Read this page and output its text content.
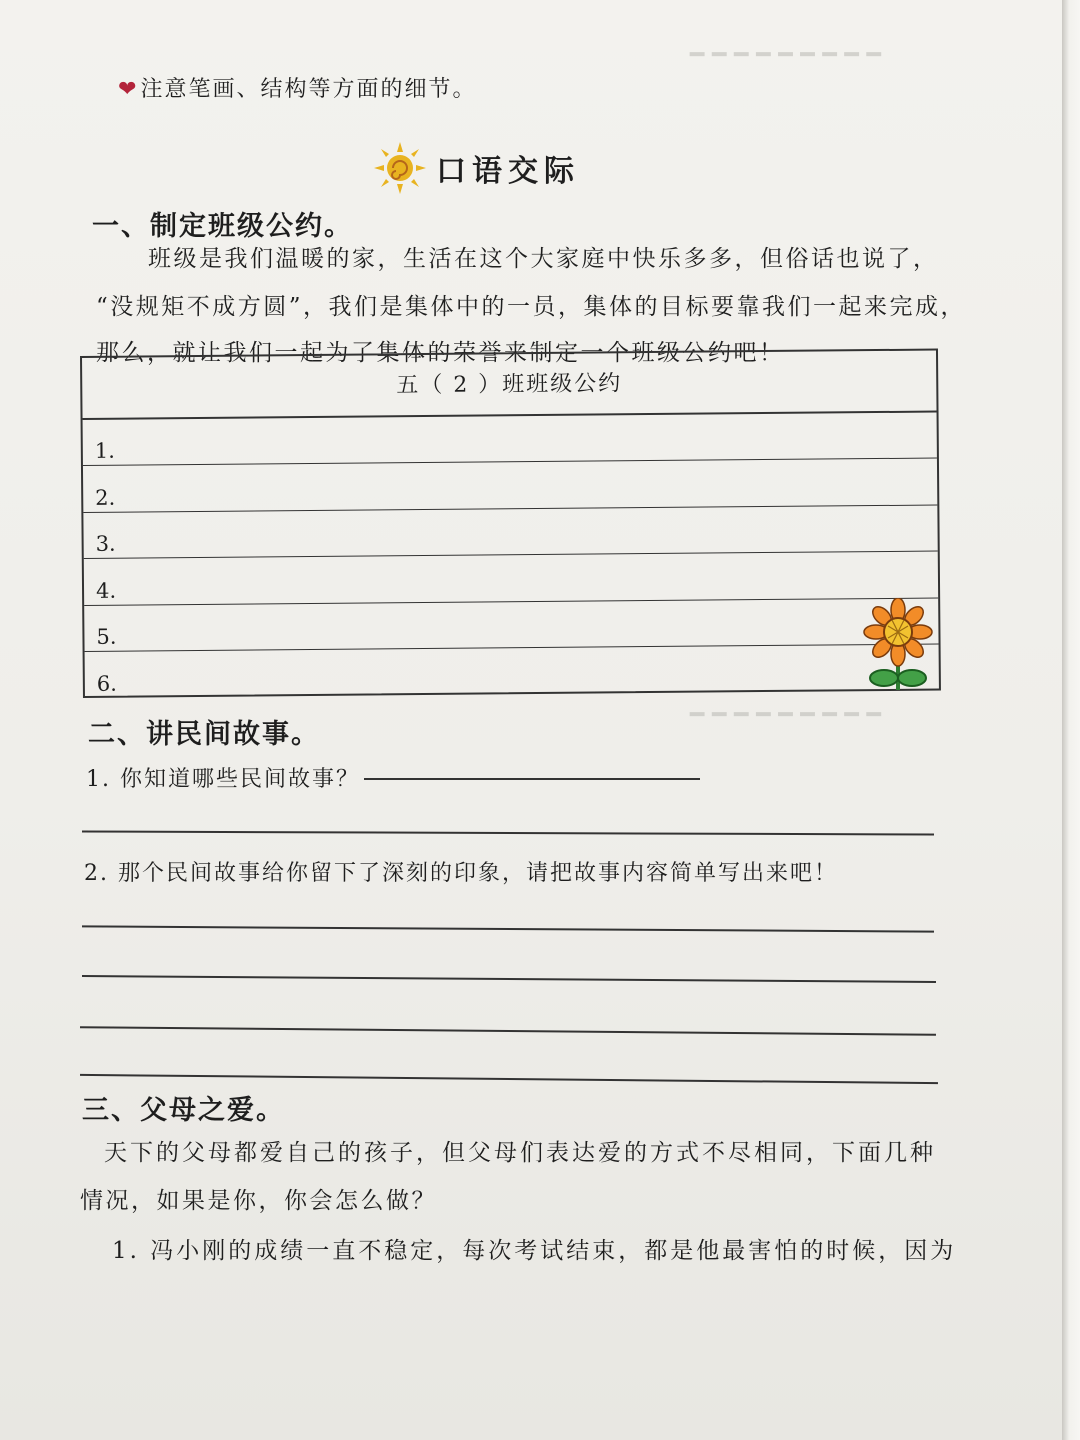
━ ━ ━ ━ ━ ━ ━ ━ ━
━ ━ ━ ━ ━ ━ ━ ━ ━
❤注意笔画、结构等方面的细节。
口语交际
一、制定班级公约。
班级是我们温暖的家，生活在这个大家庭中快乐多多，但俗话也说了，
“没规矩不成方圆”，我们是集体中的一员，集体的目标要靠我们一起来完成，
那么，就让我们一起为了集体的荣誉来制定一个班级公约吧！
五（ 2 ）班班级公约
1.
2.
3.
4.
5.
6.
二、讲民间故事。
1. 你知道哪些民间故事？
2. 那个民间故事给你留下了深刻的印象，请把故事内容简单写出来吧！
三、父母之爱。
天下的父母都爱自己的孩子，但父母们表达爱的方式不尽相同，下面几种
情况，如果是你，你会怎么做？
1. 冯小刚的成绩一直不稳定，每次考试结束，都是他最害怕的时候，因为
